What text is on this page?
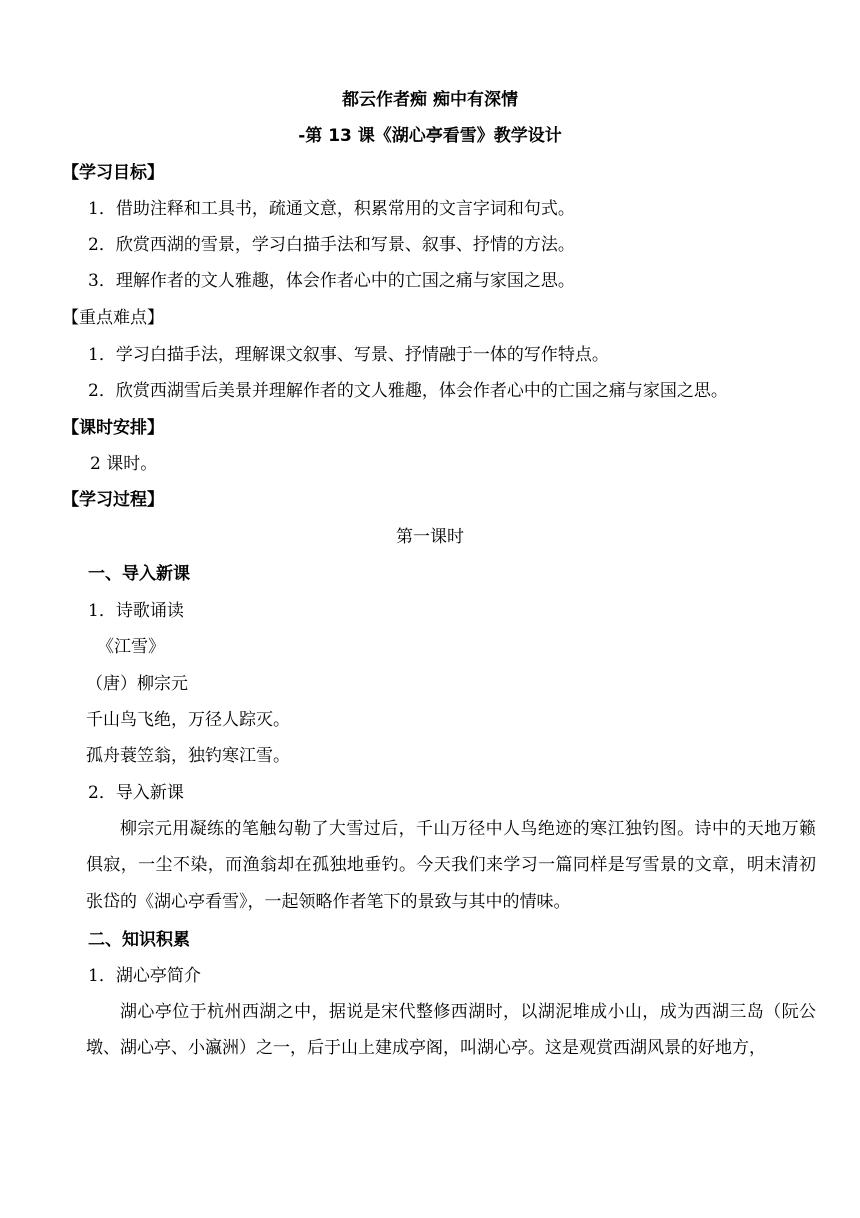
都云作者痴 痴中有深情
-第 13 课《湖心亭看雪》教学设计
【学习目标】
1．借助注释和工具书，疏通文意，积累常用的文言字词和句式。
2．欣赏西湖的雪景，学习白描手法和写景、叙事、抒情的方法。
3．理解作者的文人雅趣，体会作者心中的亡国之痛与家国之思。
【重点难点】
1．学习白描手法，理解课文叙事、写景、抒情融于一体的写作特点。
2．欣赏西湖雪后美景并理解作者的文人雅趣，体会作者心中的亡国之痛与家国之思。
【课时安排】
2 课时。
【学习过程】
第一课时
一、导入新课
1．诗歌诵读
《江雪》
（唐）柳宗元
千山鸟飞绝，万径人踪灭。
孤舟蓑笠翁，独钓寒江雪。
2．导入新课
柳宗元用凝练的笔触勾勒了大雪过后，千山万径中人鸟绝迹的寒江独钓图。诗中的天地万籁俱寂，一尘不染，而渔翁却在孤独地垂钓。今天我们来学习一篇同样是写雪景的文章，明末清初张岱的《湖心亭看雪》，一起领略作者笔下的景致与其中的情味。
二、知识积累
1．湖心亭简介
湖心亭位于杭州西湖之中，据说是宋代整修西湖时，以湖泥堆成小山，成为西湖三岛（阮公墩、湖心亭、小瀛洲）之一，后于山上建成亭阁，叫湖心亭。这是观赏西湖风景的好地方，
